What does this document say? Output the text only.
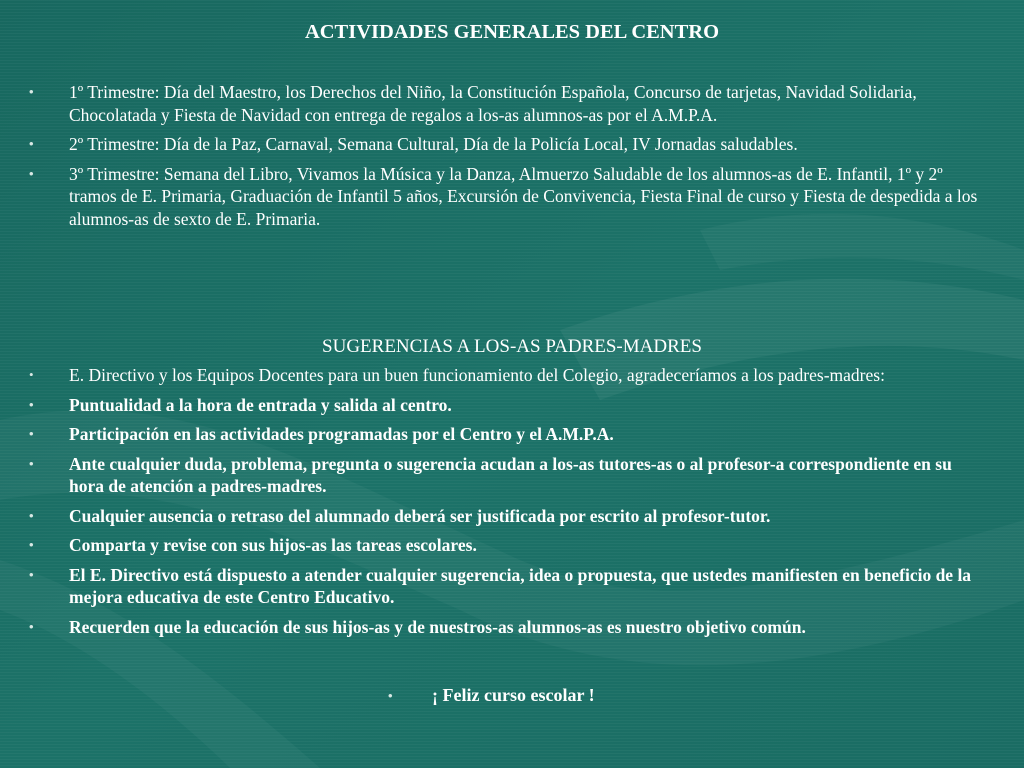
ACTIVIDADES GENERALES DEL CENTRO
• 1º Trimestre: Día del Maestro, los Derechos del Niño, la Constitución Española, Concurso de tarjetas, Navidad Solidaria, Chocolatada y Fiesta de Navidad con entrega de regalos a los-as alumnos-as por el A.M.P.A.
• 2º Trimestre: Día de la Paz, Carnaval, Semana Cultural, Día de la Policía Local, IV Jornadas saludables.
• 3º Trimestre: Semana del Libro, Vivamos la Música y la Danza, Almuerzo Saludable de los alumnos-as de E. Infantil, 1º y 2º tramos de E. Primaria, Graduación de Infantil 5 años, Excursión de Convivencia, Fiesta Final de curso y Fiesta de despedida a los alumnos-as de sexto de E. Primaria.
SUGERENCIAS A LOS-AS PADRES-MADRES
• E. Directivo y los Equipos Docentes para un buen funcionamiento del Colegio, agradeceríamos a los padres-madres:
• Puntualidad a la hora de entrada y salida al centro.
• Participación en las actividades programadas por el Centro y el A.M.P.A.
• Ante cualquier duda, problema, pregunta o sugerencia acudan a los-as tutores-as o al profesor-a correspondiente en su hora de atención a padres-madres.
• Cualquier ausencia o retraso del alumnado deberá ser justificada por escrito al profesor-tutor.
• Comparta y revise con sus hijos-as las tareas escolares.
• El E. Directivo está dispuesto a atender cualquier sugerencia, idea o propuesta, que ustedes manifiesten en beneficio de la mejora educativa de este Centro Educativo.
• Recuerden que la educación de sus hijos-as y de nuestros-as alumnos-as es nuestro objetivo común.
• ¡ Feliz curso escolar !
